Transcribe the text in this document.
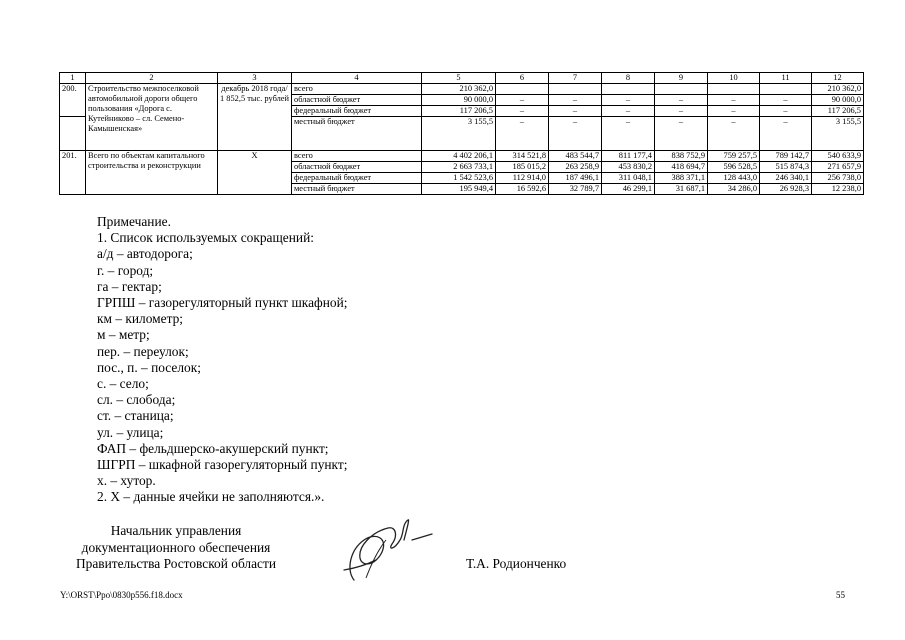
1	2	3	4	5	6	7	8	9	10	11	12
200.	Строительство межпоселковой автомобильной дороги общего пользования «Дорога с. Кутейниково – сл. Семено-Камышенская»	декабрь 2018 года/ 1 852,5 тыс. рублей	всего	210 362,0							210 362,0
			областной бюджет	90 000,0	–	–	–	–	–	–	90 000,0
			федеральный бюджет	117 206,5	–	–	–	–	–	–	117 206,5
			местный бюджет	3 155,5	–	–	–	–	–	–	3 155,5
201.	Всего по объектам капитального строительства и реконструкции	Х	всего	4 402 206,1	314 521,8	483 544,7	811 177,4	838 752,9	759 257,5	789 142,7	540 633,9
			областной бюджет	2 663 733,1	185 015,2	263 258,9	453 830,2	418 694,7	596 528,5	515 874,3	271 657,9
			федеральный бюджет	1 542 523,6	112 914,0	187 496,1	311 048,1	388 371,1	128 443,0	246 340,1	256 738,0
			местный бюджет	195 949,4	16 592,6	32 789,7	46 299,1	31 687,1	34 286,0	26 928,3	12 238,0
Примечание.
1. Список используемых сокращений:
а/д – автодорога;
г. – город;
га – гектар;
ГРПШ – газорегуляторный пункт шкафной;
км – километр;
м – метр;
пер. – переулок;
пос., п. – поселок;
с. – село;
сл. – слобода;
ст. – станица;
ул. – улица;
ФАП – фельдшерско-акушерский пункт;
ШГРП – шкафной газорегуляторный пункт;
х. – хутор.
2. Х – данные ячейки не заполняются.».
Начальник управления
документационного обеспечения
Правительства Ростовской области	Т.А. Родионченко
Y:\ORST\Ppo\0830p556.f18.docx	55
